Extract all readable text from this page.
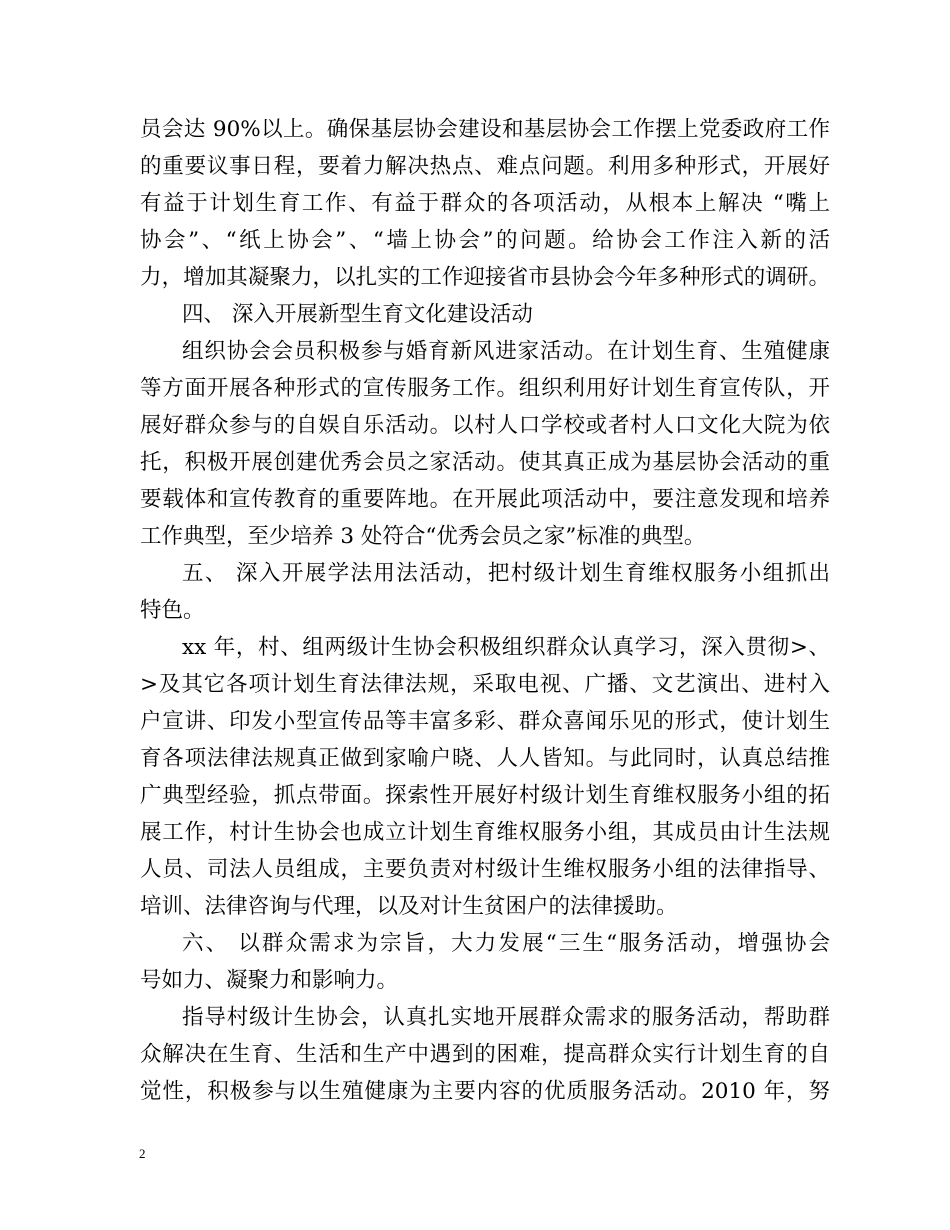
员会达 90%以上。确保基层协会建设和基层协会工作摆上党委政府工作
的重要议事日程，要着力解决热点、难点问题。利用多种形式，开展好
有益于计划生育工作、有益于群众的各项活动，从根本上解决 “嘴上
协会”、“纸上协会”、“墙上协会”的问题。给协会工作注入新的活
力，增加其凝聚力，以扎实的工作迎接省市县协会今年多种形式的调研。
四、 深入开展新型生育文化建设活动
组织协会会员积极参与婚育新风进家活动。在计划生育、生殖健康
等方面开展各种形式的宣传服务工作。组织利用好计划生育宣传队，开
展好群众参与的自娱自乐活动。以村人口学校或者村人口文化大院为依
托，积极开展创建优秀会员之家活动。使其真正成为基层协会活动的重
要载体和宣传教育的重要阵地。在开展此项活动中，要注意发现和培养
工作典型，至少培养 3 处符合“优秀会员之家”标准的典型。
五、 深入开展学法用法活动，把村级计划生育维权服务小组抓出
特色。
xx 年，村、组两级计生协会积极组织群众认真学习，深入贯彻>、
>及其它各项计划生育法律法规，采取电视、广播、文艺演出、进村入
户宣讲、印发小型宣传品等丰富多彩、群众喜闻乐见的形式，使计划生
育各项法律法规真正做到家喻户晓、人人皆知。与此同时，认真总结推
广典型经验，抓点带面。探索性开展好村级计划生育维权服务小组的拓
展工作，村计生协会也成立计划生育维权服务小组，其成员由计生法规
人员、司法人员组成，主要负责对村级计生维权服务小组的法律指导、
培训、法律咨询与代理，以及对计生贫困户的法律援助。
六、 以群众需求为宗旨，大力发展“三生“服务活动，增强协会
号如力、凝聚力和影响力。
指导村级计生协会，认真扎实地开展群众需求的服务活动，帮助群
众解决在生育、生活和生产中遇到的困难，提高群众实行计划生育的自
觉性，积极参与以生殖健康为主要内容的优质服务活动。2010 年，努
2
